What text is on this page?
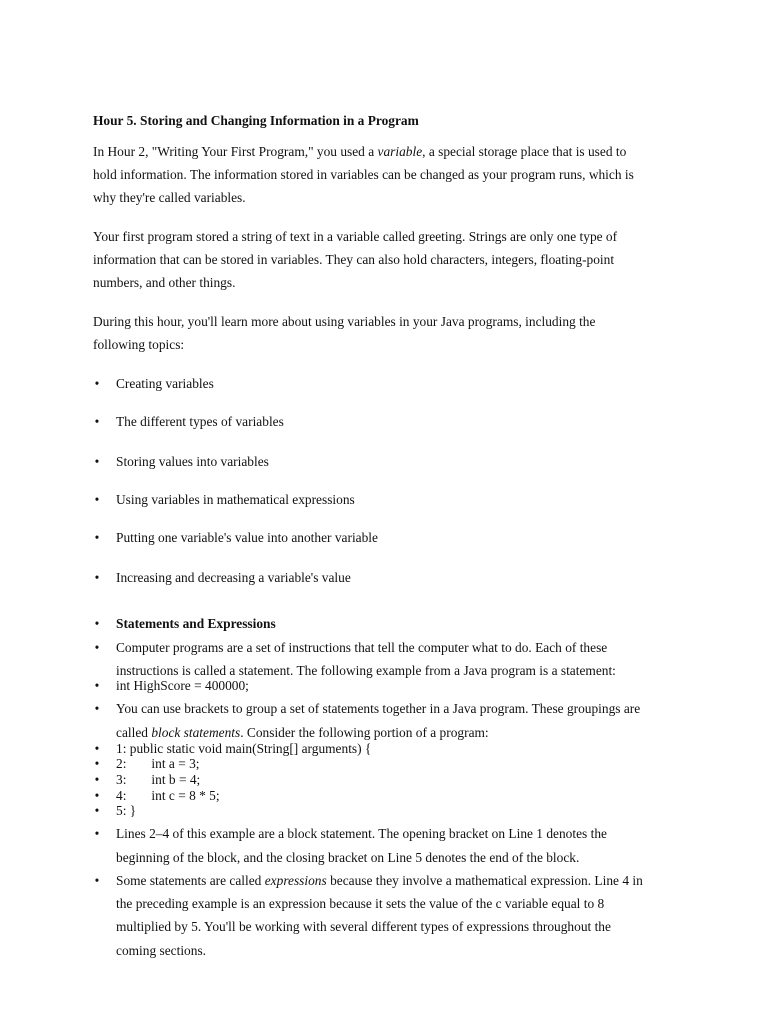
Hour 5. Storing and Changing Information in a Program
In Hour 2, "Writing Your First Program," you used a variable, a special storage place that is used to
hold information. The information stored in variables can be changed as your program runs, which is
why they're called variables.
Your first program stored a string of text in a variable called greeting. Strings are only one type of
information that can be stored in variables. They can also hold characters, integers, floating-point
numbers, and other things.
During this hour, you'll learn more about using variables in your Java programs, including the
following topics:
•
Creating variables
•
The different types of variables
•
Storing values into variables
•
Using variables in mathematical expressions
•
Putting one variable's value into another variable
•
Increasing and decreasing a variable's value
•
Statements and Expressions
•
Computer programs are a set of instructions that tell the computer what to do. Each of these
instructions is called a statement. The following example from a Java program is a statement:
•
int HighScore = 400000;
•
You can use brackets to group a set of statements together in a Java program. These groupings are
called block statements. Consider the following portion of a program:
•
1: public static void main(String[] arguments) {
•
2: int a = 3;
•
3: int b = 4;
•
4: int c = 8 * 5;
•
5: }
•
Lines 2–4 of this example are a block statement. The opening bracket on Line 1 denotes the
beginning of the block, and the closing bracket on Line 5 denotes the end of the block.
•
Some statements are called expressions because they involve a mathematical expression. Line 4 in
the preceding example is an expression because it sets the value of the c variable equal to 8
multiplied by 5. You'll be working with several different types of expressions throughout the
coming sections.
